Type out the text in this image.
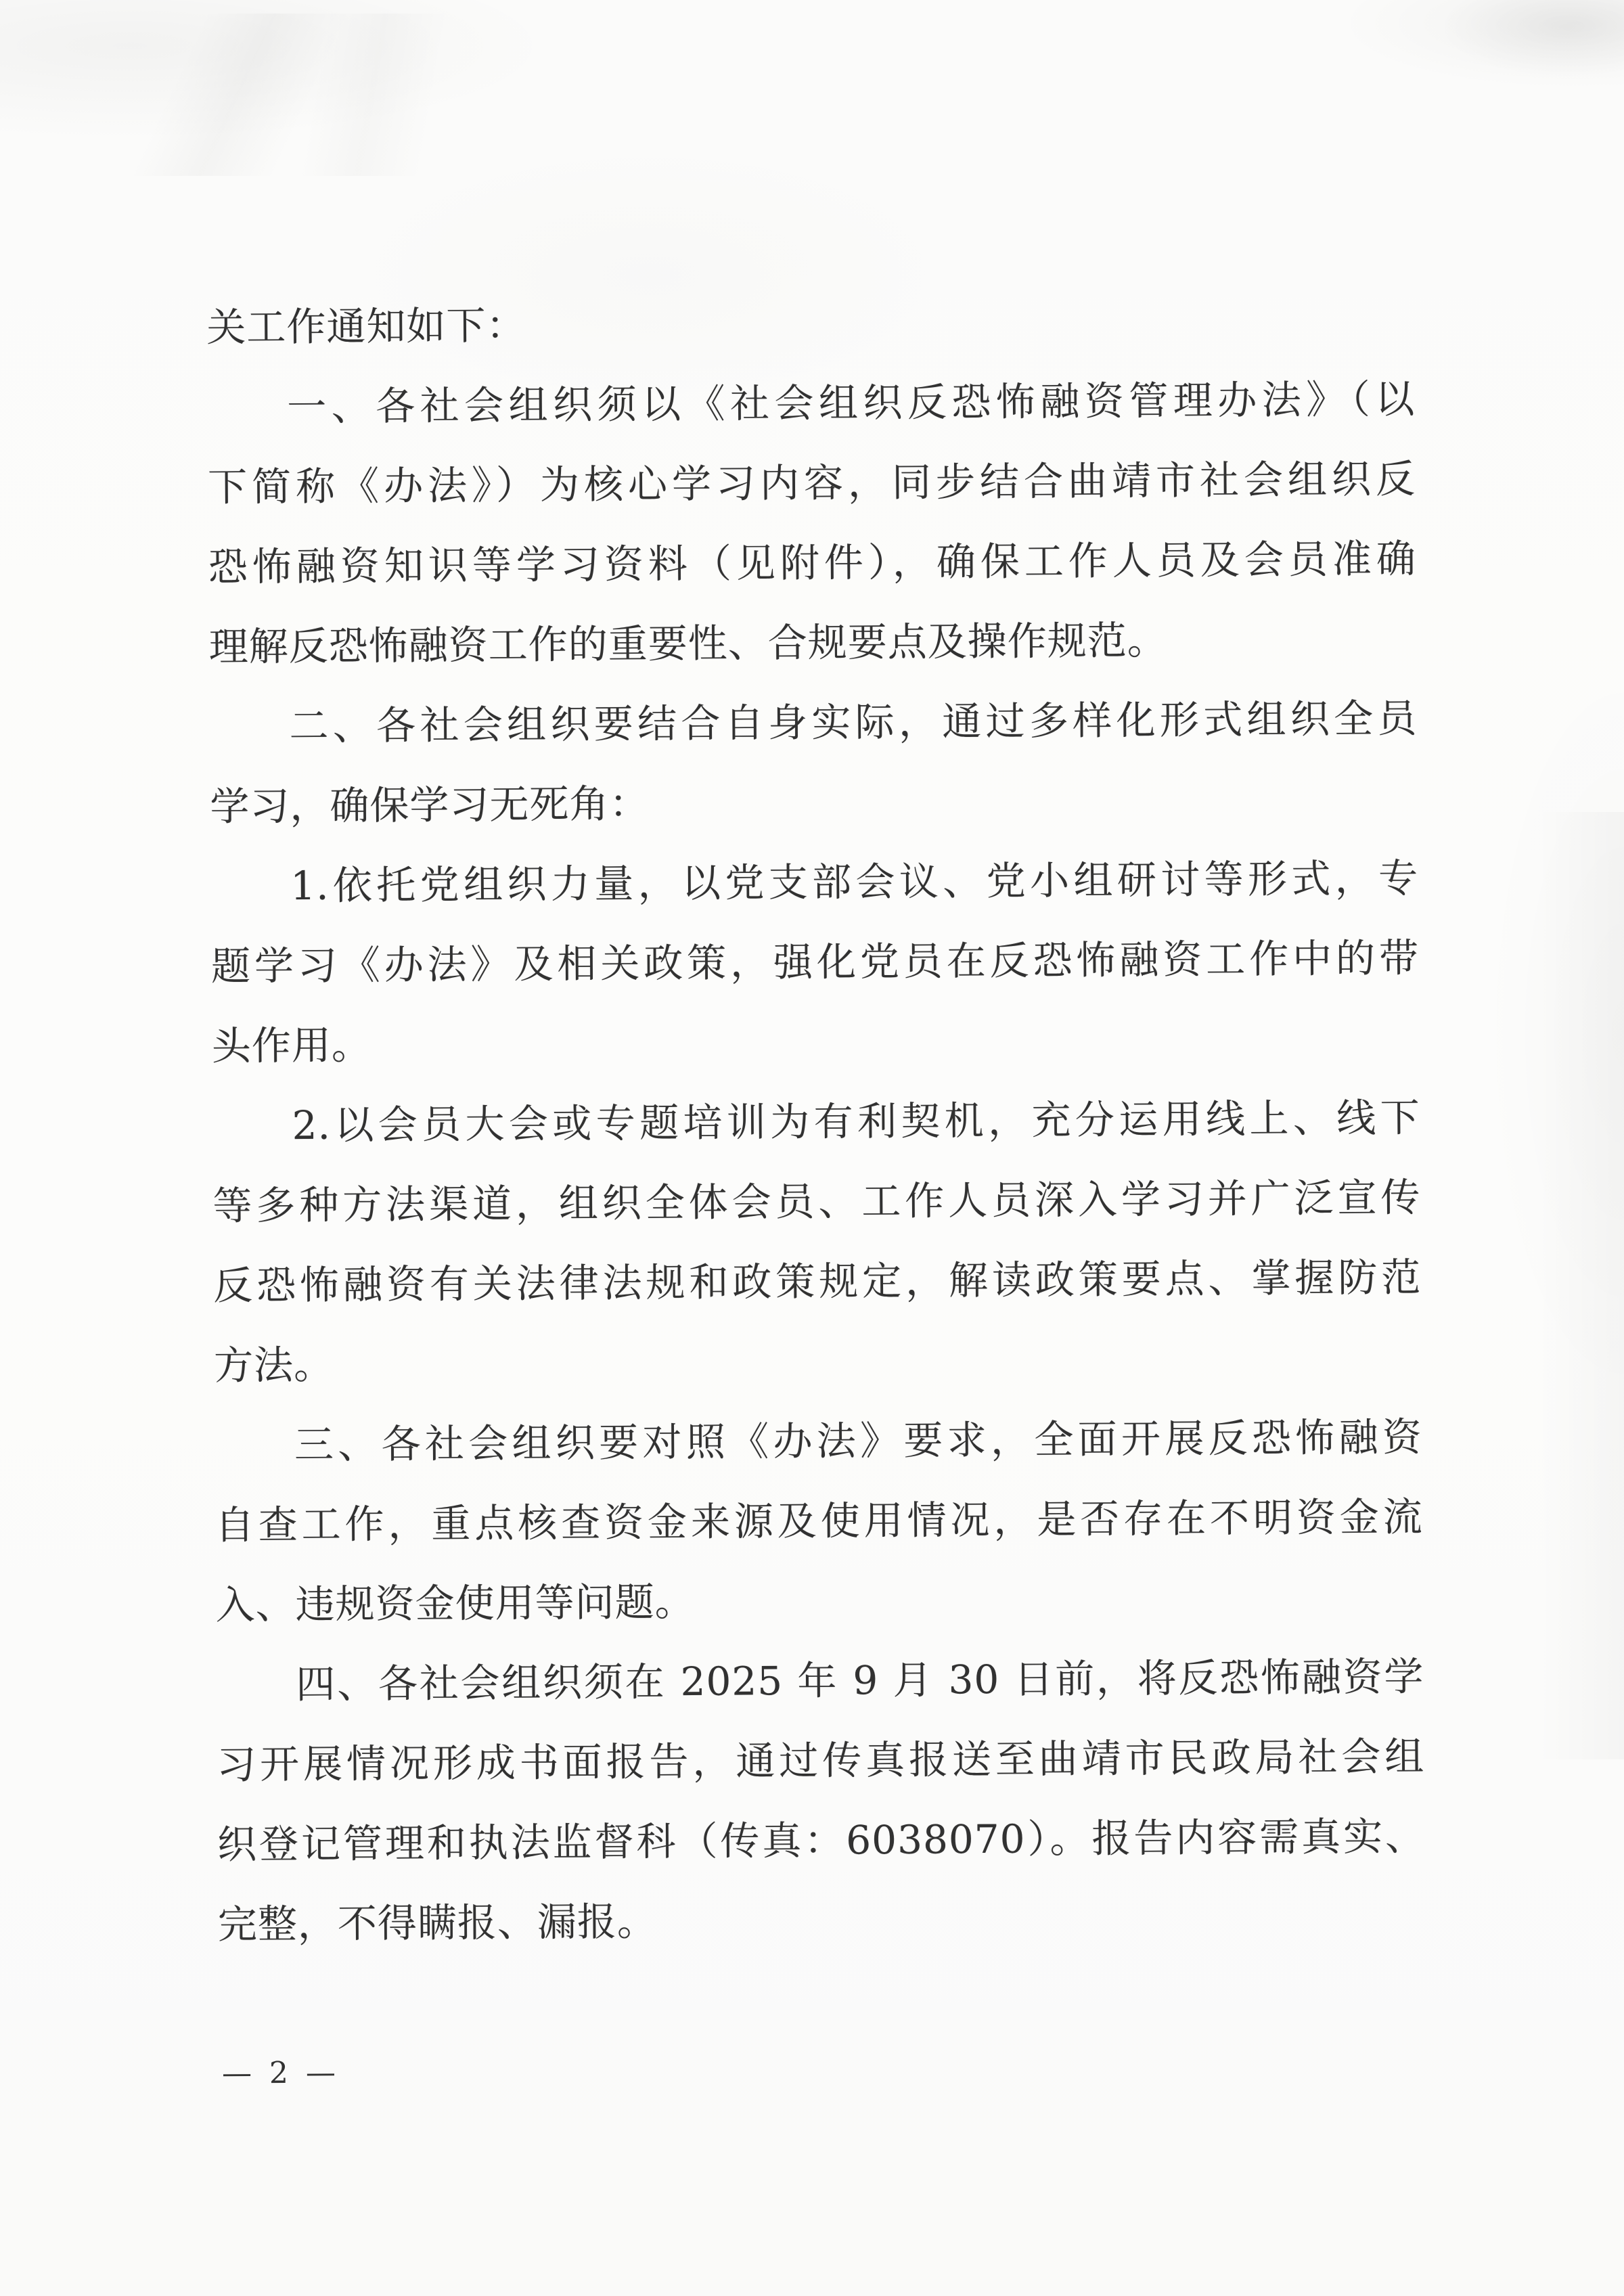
关工作通知如下：
一、各社会组织须以《社会组织反恐怖融资管理办法》（以
下简称《办法》）为核心学习内容，同步结合曲靖市社会组织反
恐怖融资知识等学习资料（见附件），确保工作人员及会员准确
理解反恐怖融资工作的重要性、合规要点及操作规范。
二、各社会组织要结合自身实际，通过多样化形式组织全员
学习，确保学习无死角：
1.依托党组织力量，以党支部会议、党小组研讨等形式，专
题学习《办法》及相关政策，强化党员在反恐怖融资工作中的带
头作用。
2.以会员大会或专题培训为有利契机，充分运用线上、线下
等多种方法渠道，组织全体会员、工作人员深入学习并广泛宣传
反恐怖融资有关法律法规和政策规定，解读政策要点、掌握防范
方法。
三、各社会组织要对照《办法》要求，全面开展反恐怖融资
自查工作，重点核查资金来源及使用情况，是否存在不明资金流
入、违规资金使用等问题。
四、各社会组织须在 2025 年 9 月 30 日前，将反恐怖融资学
习开展情况形成书面报告，通过传真报送至曲靖市民政局社会组
织登记管理和执法监督科（传真：6038070）。报告内容需真实、
完整，不得瞒报、漏报。
— 2 —
